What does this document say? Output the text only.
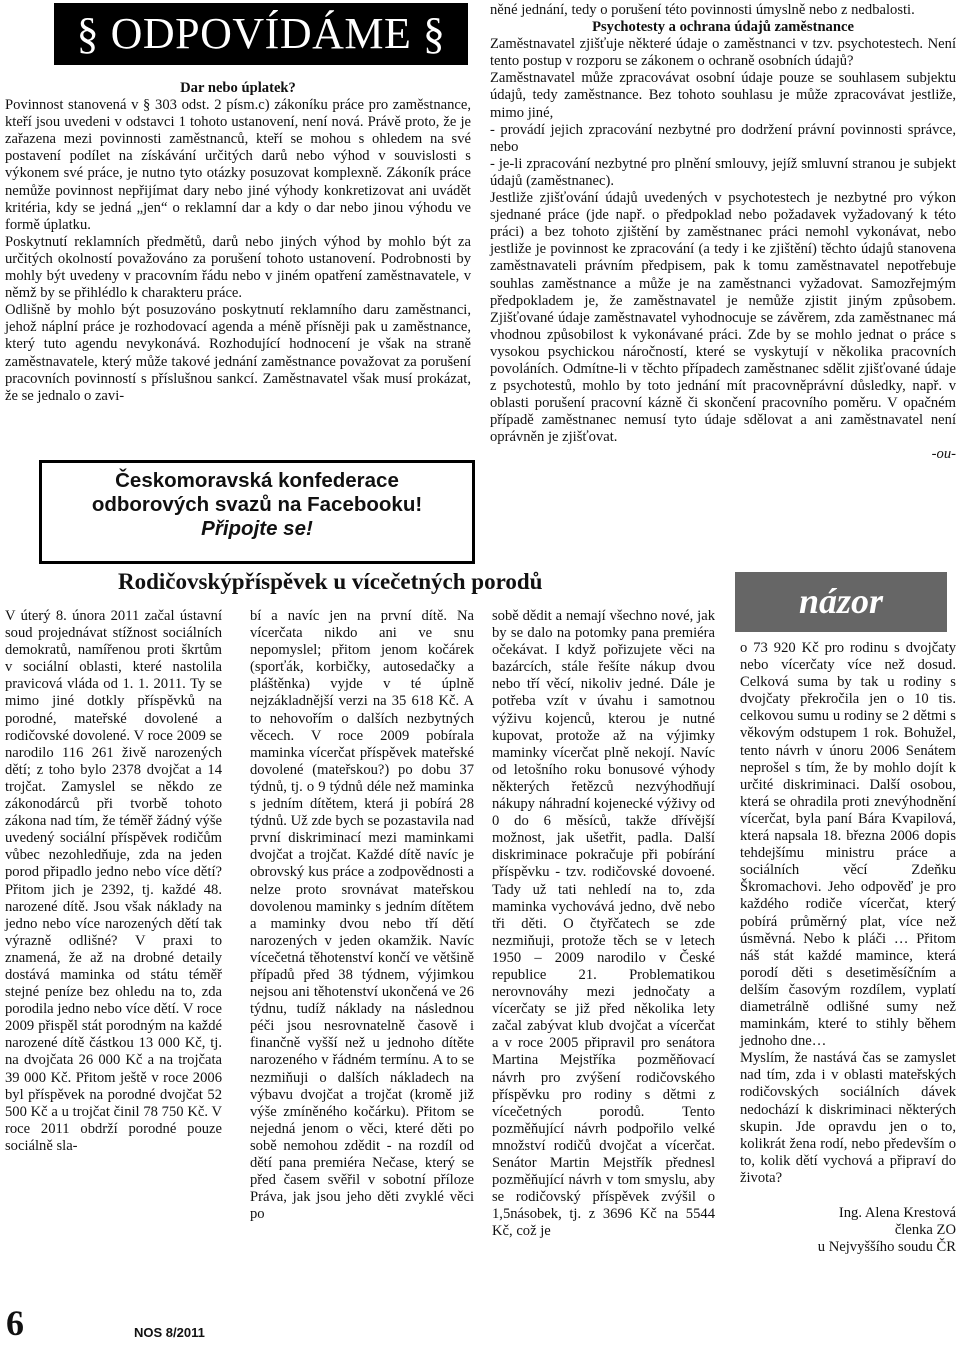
§ ODPOVÍDÁME §

Dar nebo úplatek?

Povinnost stanovená v § 303 odst. 2 písm.c) zákoníku práce pro zaměstnance, kteří jsou uvedeni v odstavci 1 tohoto ustanovení, není nová. Právě proto, že je zařazena mezi povinnosti zaměstnanců, kteří se mohou s ohledem na své postavení podílet na získávání určitých darů nebo výhod v souvislosti s výkonem své práce, je nutno tyto otázky posuzovat komplexně. Zákoník práce nemůže povinnost nepřijímat dary nebo jiné výhody konkretizovat ani uvádět kritéria, kdy se jedná „jen“ o reklamní dar a kdy o dar nebo jinou výhodu ve formě úplatku.

Poskytnutí reklamních předmětů, darů nebo jiných výhod by mohlo být za určitých okolností považováno za porušení tohoto ustanovení. Podrobnosti by mohly být uvedeny v pracovním řádu nebo v jiném opatření zaměstnavatele, v němž by se přihlédlo k charakteru práce.

Odlišně by mohlo být posuzováno poskytnutí reklamního daru zaměstnanci, jehož náplní práce je rozhodovací agenda a méně přísněji pak u zaměstnance, který tuto agendu nevykonává. Rozhodující hodnocení je však na straně zaměstnavatele, který může takové jednání zaměstnance považovat za porušení pracovních povinností s příslušnou sankcí. Zaměstnavatel však musí prokázat, že se jednalo o zavi-

něné jednání, tedy o porušení této povinnosti úmyslně nebo z nedbalosti.

Psychotesty a ochrana údajů zaměstnance

Zaměstnavatel zjišťuje některé údaje o zaměstnanci v tzv. psychotestech. Není tento postup v rozporu se zákonem o ochraně osobních údajů?

Zaměstnavatel může zpracovávat osobní údaje pouze se souhlasem subjektu údajů, tedy zaměstnance. Bez tohoto souhlasu je může zpracovávat jestliže, mimo jiné,

- provádí jejich zpracování nezbytné pro dodržení právní povinnosti správce, nebo

- je-li zpracování nezbytné pro plnění smlouvy, jejíž smluvní stranou je subjekt údajů (zaměstnanec).

Jestliže zjišťování údajů uvedených v psychotestech je nezbytné pro výkon sjednané práce (jde např. o předpoklad nebo požadavek vyžadovaný k této práci) a bez tohoto zjištění by zaměstnanec práci nemohl vykonávat, nebo jestliže je povinnost ke zpracování (a tedy i ke zjištění) těchto údajů stanovena zaměstnavateli právním předpisem, pak k tomu zaměstnavatel nepotřebuje souhlas zaměstnance a může je na zaměstnanci vyžadovat. Samozřejmým předpokladem je, že zaměstnavatel je nemůže zjistit jiným způsobem. Zjišťované údaje zaměstnavatel vyhodnocuje se závěrem, zda zaměstnanec má vhodnou způsobilost k vykonávané práci. Zde by se mohlo jednat o práce s vysokou psychickou náročností, které se vyskytují v několika pracovních povoláních. Odmítne-li v těchto případech zaměstnanec sdělit zjišťované údaje z psychotestů, mohlo by toto jednání mít pracovněprávní důsledky, např. v oblasti porušení pracovní kázně či skončení pracovního poměru. V opačném případě zaměstnanec nemusí tyto údaje sdělovat a ani zaměstnavatel není oprávněn je zjišťovat.

-ou-

Českomoravská konfederace
odborových svazů na Facebooku!
Připojte se!
Rodičovskýpříspěvek u vícečetných porodů	názor

V úterý 8. února 2011 začal ústavní soud projednávat stížnost sociálních demokratů, namířenou proti škrtům v sociální oblasti, které nastolila pravicová vláda od 1. 1. 2011. Ty se mimo jiné dotkly příspěvků na porodné, mateřské dovolené a rodičovské dovolené. V roce 2009 se narodilo 116 261 živě narozených dětí; z toho bylo 2378 dvojčat a 14 trojčat. Zamyslel se někdo ze zákonodárců při tvorbě tohoto zákona nad tím, že téměř žádný výše uvedený sociální příspěvek rodičům vůbec nezohledňuje, zda na jeden porod připadlo jedno nebo více dětí? Přitom jich je 2392, tj. každé 48. narozené dítě. Jsou však náklady na jedno nebo více narozených dětí tak výrazně odlišné? V praxi to znamená, že až na drobné detaily dostává maminka od státu téměř stejné peníze bez ohledu na to, zda porodila jedno nebo více dětí. V roce 2009 přispěl stát porodným na každé narozené dítě částkou 13 000 Kč, tj. na dvojčata 26 000 Kč a na trojčata 39 000 Kč. Přitom ještě v roce 2006 byl příspěvek na porodné dvojčat 52 500 Kč a u trojčat činil 78 750 Kč. V roce 2011 obdrží porodné pouze sociálně sla-

bí a navíc jen na první dítě. Na vícerčata nikdo ani ve snu nepomyslel; přitom jenom kočárek (sporťák, korbičky, autosedačky a pláštěnka) vyjde v té úplně nejzákladnější verzi na 35 618 Kč. A to nehovořím o dalších nezbytných věcech. V roce 2009 pobírala maminka vícerčat příspěvek mateřské dovolené (mateřskou?) po dobu 37 týdnů, tj. o 9 týdnů déle než maminka s jedním dítětem, která ji pobírá 28 týdnů. Už zde bych se pozastavila nad první diskriminací mezi maminkami dvojčat a trojčat. Každé dítě navíc je obrovský kus práce a zodpovědnosti a nelze proto srovnávat mateřskou dovolenou maminky s jedním dítětem a maminky dvou nebo tří dětí narozených v jeden okamžik. Navíc vícečetná těhotenství končí ve většině případů před 38 týdnem, výjimkou nejsou ani těhotenství ukončená ve 26 týdnu, tudíž náklady na následnou péči jsou nesrovnatelně časově i finančně vyšší než u jednoho dítěte narozeného v řádném termínu. A to se nezmiňuji o dalších nákladech na výbavu dvojčat a trojčat (kromě již výše zmíněného kočárku). Přitom se nejedná jenom o věci, které děti po sobě nemohou zdědit - na rozdíl od dětí pana premiéra Nečase, který se před časem svěřil v sobotní příloze Práva, jak jsou jeho děti zvyklé věci po

sobě dědit a nemají všechno nové, jak by se dalo na potomky pana premiéra očekávat. I když pořizujete věci na bazárcích, stále řešíte nákup dvou nebo tří věcí, nikoliv jedné. Dále je potřeba vzít v úvahu i samotnou výživu kojenců, kterou je nutné kupovat, protože až na výjimky maminky vícerčat plně nekojí. Navíc od letošního roku bonusové výhody některých řetězců nezvýhodňují nákupy náhradní kojenecké výživy od 0 do 6 měsíců, takže dřívější možnost, jak ušetřit, padla. Další diskriminace pokračuje při pobírání příspěvku - tzv. rodičovské dovoené. Tady už tati nehledí na to, zda maminka vychovává jedno, dvě nebo tři děti. O čtyřčatech se zde nezmiňuji, protože těch se v letech 1950 – 2009 narodilo v České republice 21. Problematikou nerovnováhy mezi jednočaty a vícerčaty se již před několika lety začal zabývat klub dvojčat a vícerčat a v roce 2005 připravil pro senátora Martina Mejstříka pozměňovací návrh pro zvýšení rodičovského příspěvku pro rodiny s dětmi z vícečetných porodů. Tento pozměňující návrh podpořilo velké množství rodičů dvojčat a vícerčat. Senátor Martin Mejstřík přednesl pozměňující návrh v tom smyslu, aby se rodičovský příspěvek zvýšil o 1,5násobek, tj. z 3696 Kč na 5544 Kč, což je

o 73 920 Kč pro rodinu s dvojčaty nebo vícerčaty více než dosud. Celková suma by tak u rodiny s dvojčaty překročila jen o 10 tis. celkovou sumu u rodiny se 2 dětmi s věkovým odstupem 1 rok. Bohužel, tento návrh v únoru 2006 Senátem neprošel s tím, že by mohlo dojít k určité diskriminaci. Další osobou, která se ohradila proti znevýhodnění vícerčat, byla paní Bára Kvapilová, která napsala 18. března 2006 dopis tehdejšímu ministru práce a sociálních věcí Zdeňku Škromachovi. Jeho odpověď je pro každého rodiče vícerčat, který pobírá průměrný plat, více než úsměvná. Nebo k pláči … Přitom náš stát každé mamince, která porodí děti s desetiměsíčním a delším časovým rozdílem, vyplatí diametrálně odlišné sumy než maminkám, které to stihly během jednoho dne…

Myslím, že nastává čas se zamyslet nad tím, zda i v oblasti mateřských rodičovských sociálních dávek nedochází k diskriminaci některých skupin. Jde opravdu jen o to, kolikrát žena rodí, nebo především o to, kolik dětí vychová a připraví do života?

Ing. Alena Krestová

členka ZO

u Nejvyššího soudu ČR

6	NOS 8/2011
